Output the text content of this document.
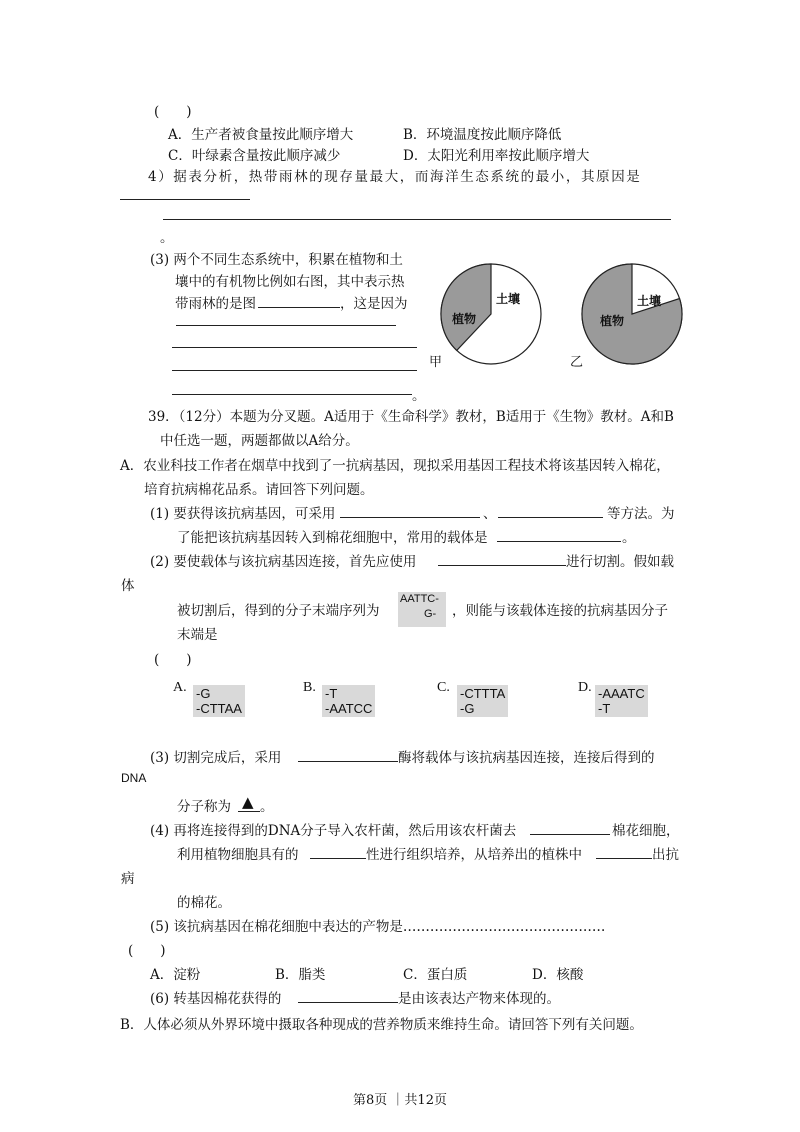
(　　)
A．生产者被食量按此顺序增大	B．环境温度按此顺序降低
C．叶绿素含量按此顺序减少	D．太阳光利用率按此顺序增大
4）据表分析，热带雨林的现存量最大，而海洋生态系统的最小，其原因是
。
(3) 两个不同生态系统中，积累在植物和土
壤中的有机物比例如右图，其中表示热
带雨林的是图	，这是因为
。
甲	乙
土壤
植物
土壤
植物
39．（12分）本题为分叉题。A适用于《生命科学》教材，B适用于《生物》教材。A和B
中任选一题，两题都做以A给分。
A．农业科技工作者在烟草中找到了一抗病基因，现拟采用基因工程技术将该基因转入棉花，
培育抗病棉花品系。请回答下列问题。
(1) 要获得该抗病基因，可采用	、	等方法。为
了能把该抗病基因转入到棉花细胞中，常用的载体是	。
(2) 要使载体与该抗病基因连接，首先应使用	进行切割。假如载
体
被切割后，得到的分子末端序列为
AATTC-
G-	，则能与该载体连接的抗病基因分子
末端是
(　　)
A. -G
-CTTAA
B. -T
-AATCC
C. -CTTTA
-G
D. -AAATC
-T
(3) 切割完成后，采用	酶将载体与该抗病基因连接，连接后得到的
DNA
分子称为 ▲ 。
(4) 再将连接得到的DNA分子导入农杆菌，然后用该农杆菌去	棉花细胞，
利用植物细胞具有的	性进行组织培养，从培养出的植株中	出抗
病
的棉花。
(5) 该抗病基因在棉花细胞中表达的产物是………………………………………
(　　)
A．淀粉	B．脂类	C．蛋白质	D．核酸
(6) 转基因棉花获得的	是由该表达产物来体现的。
B．人体必须从外界环境中摄取各种现成的营养物质来维持生命。请回答下列有关问题。
第8页 ｜共12页
